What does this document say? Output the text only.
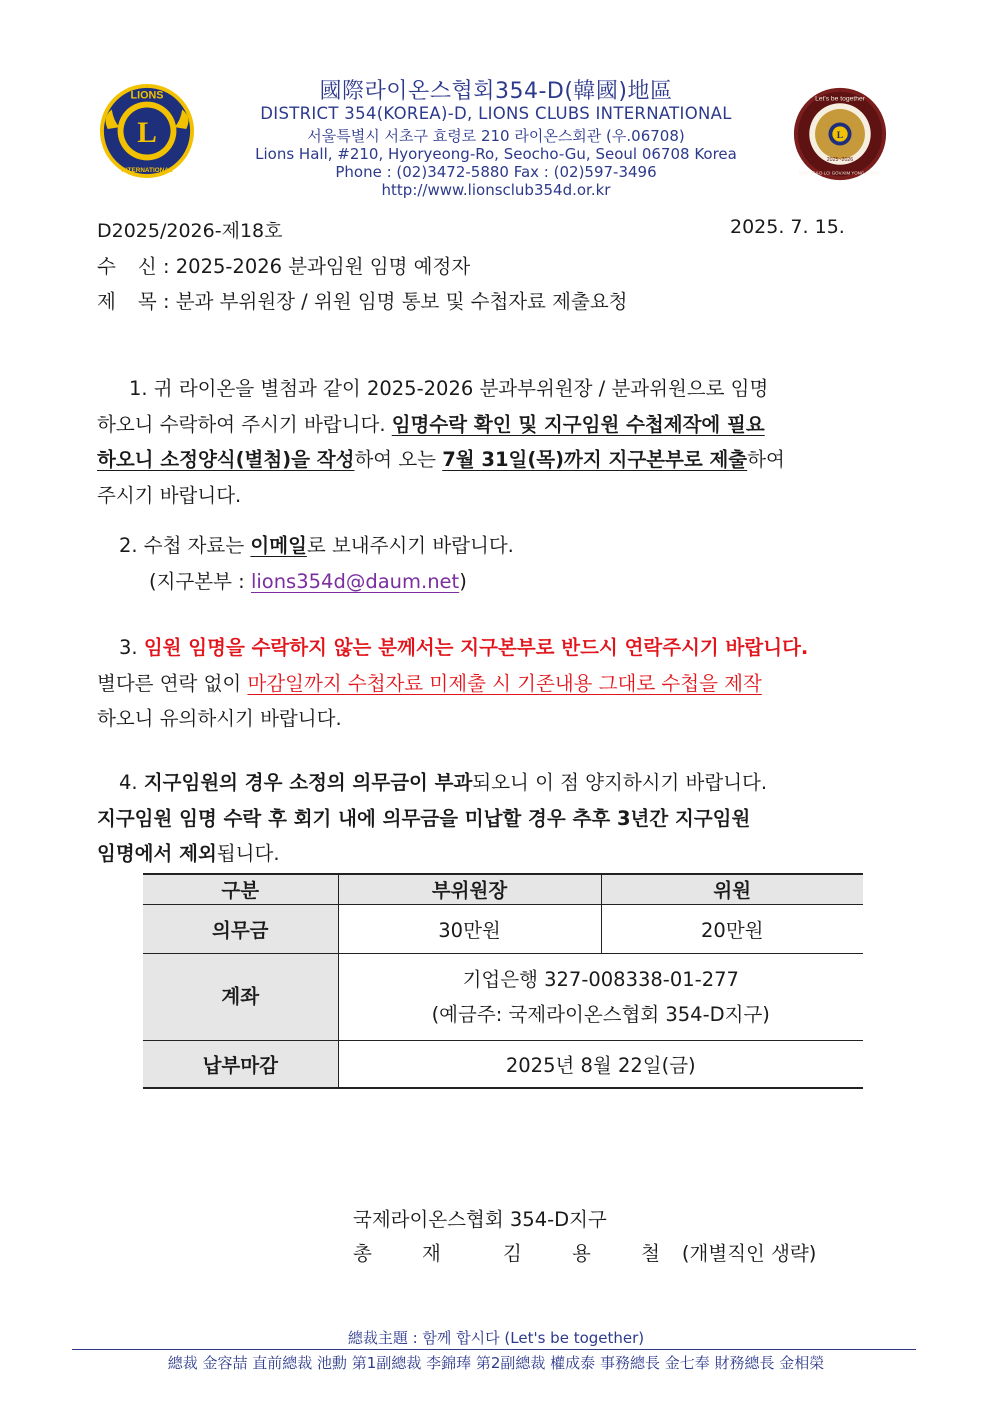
L
LIONS
INTERNATIONAL
L
Let's be together
2025~2026
DIST 354-D LCI GOV.KIM YONG CHEOL
國際라이온스협회354-D(韓國)地區
DISTRICT 354(KOREA)-D, LIONS CLUBS INTERNATIONAL
서울특별시 서초구 효령로 210 라이온스회관 (우.06708)
Lions Hall, #210, Hyoryeong-Ro, Seocho-Gu, Seoul 06708 Korea
Phone : (02)3472-5880 Fax : (02)597-3496
http://www.lionsclub354d.or.kr
D2025/2026-제18호	2025. 7. 15.
수신: 2025-2026 분과임원 임명 예정자
제목: 분과 부위원장 / 위원 임명 통보 및 수첩자료 제출요청
1. 귀 라이온을 별첨과 같이 2025-2026 분과부위원장 / 분과위원으로 임명
하오니 수락하여 주시기 바랍니다. 임명수락 확인 및 지구임원 수첩제작에 필요
하오니 소정양식(별첨)을 작성하여 오는 7월 31일(목)까지 지구본부로 제출하여
주시기 바랍니다.
2. 수첩 자료는 이메일로 보내주시기 바랍니다.
(지구본부 : lions354d@daum.net)
3. 임원 임명을 수락하지 않는 분께서는 지구본부로 반드시 연락주시기 바랍니다.
별다른 연락 없이 마감일까지 수첩자료 미제출 시 기존내용 그대로 수첩을 제작
하오니 유의하시기 바랍니다.
4. 지구임원의 경우 소정의 의무금이 부과되오니 이 점 양지하시기 바랍니다.
지구임원 임명 수락 후 회기 내에 의무금을 미납할 경우 추후 3년간 지구임원
임명에서 제외됩니다.
구분	부위원장	위원
의무금	30만원	20만원
계좌	기업은행 327-008338-01-277
(예금주: 국제라이온스협회 354-D지구)	

납부마감	2025년 8월 22일(금)	
국제라이온스협회 354-D지구
총 재 김 용 철(개별직인 생략)
總裁主題 : 함께 합시다 (Let's be together)
總裁 金容喆 直前總裁 池勳 第1副總裁 李錦琫 第2副總裁 權成泰 事務總長 金七奉 財務總長 金相榮
